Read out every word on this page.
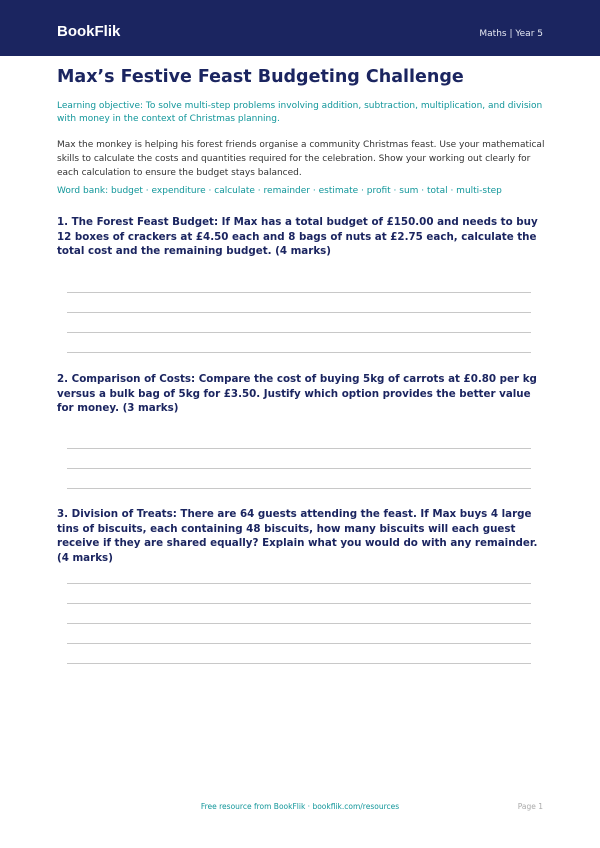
BookFlik	Maths | Year 5
Max’s Festive Feast Budgeting Challenge

Learning objective: To solve multi-step problems involving addition, subtraction, multiplication, and division with money in the context of Christmas planning.

Max the monkey is helping his forest friends organise a community Christmas feast. Use your mathematical skills to calculate the costs and quantities required for the celebration. Show your working out clearly for each calculation to ensure the budget stays balanced.

Word bank: budget · expenditure · calculate · remainder · estimate · profit · sum · total · multi-step

1. The Forest Feast Budget: If Max has a total budget of £150.00 and needs to buy 12 boxes of crackers at £4.50 each and 8 bags of nuts at £2.75 each, calculate the total cost and the remaining budget. (4 marks)

2. Comparison of Costs: Compare the cost of buying 5kg of carrots at £0.80 per kg versus a bulk bag of 5kg for £3.50. Justify which option provides the better value for money. (3 marks)

3. Division of Treats: There are 64 guests attending the feast. If Max buys 4 large tins of biscuits, each containing 48 biscuits, how many biscuits will each guest receive if they are shared equally? Explain what you would do with any remainder. (4 marks)

Free resource from BookFlik · bookflik.com/resources	Page 1
